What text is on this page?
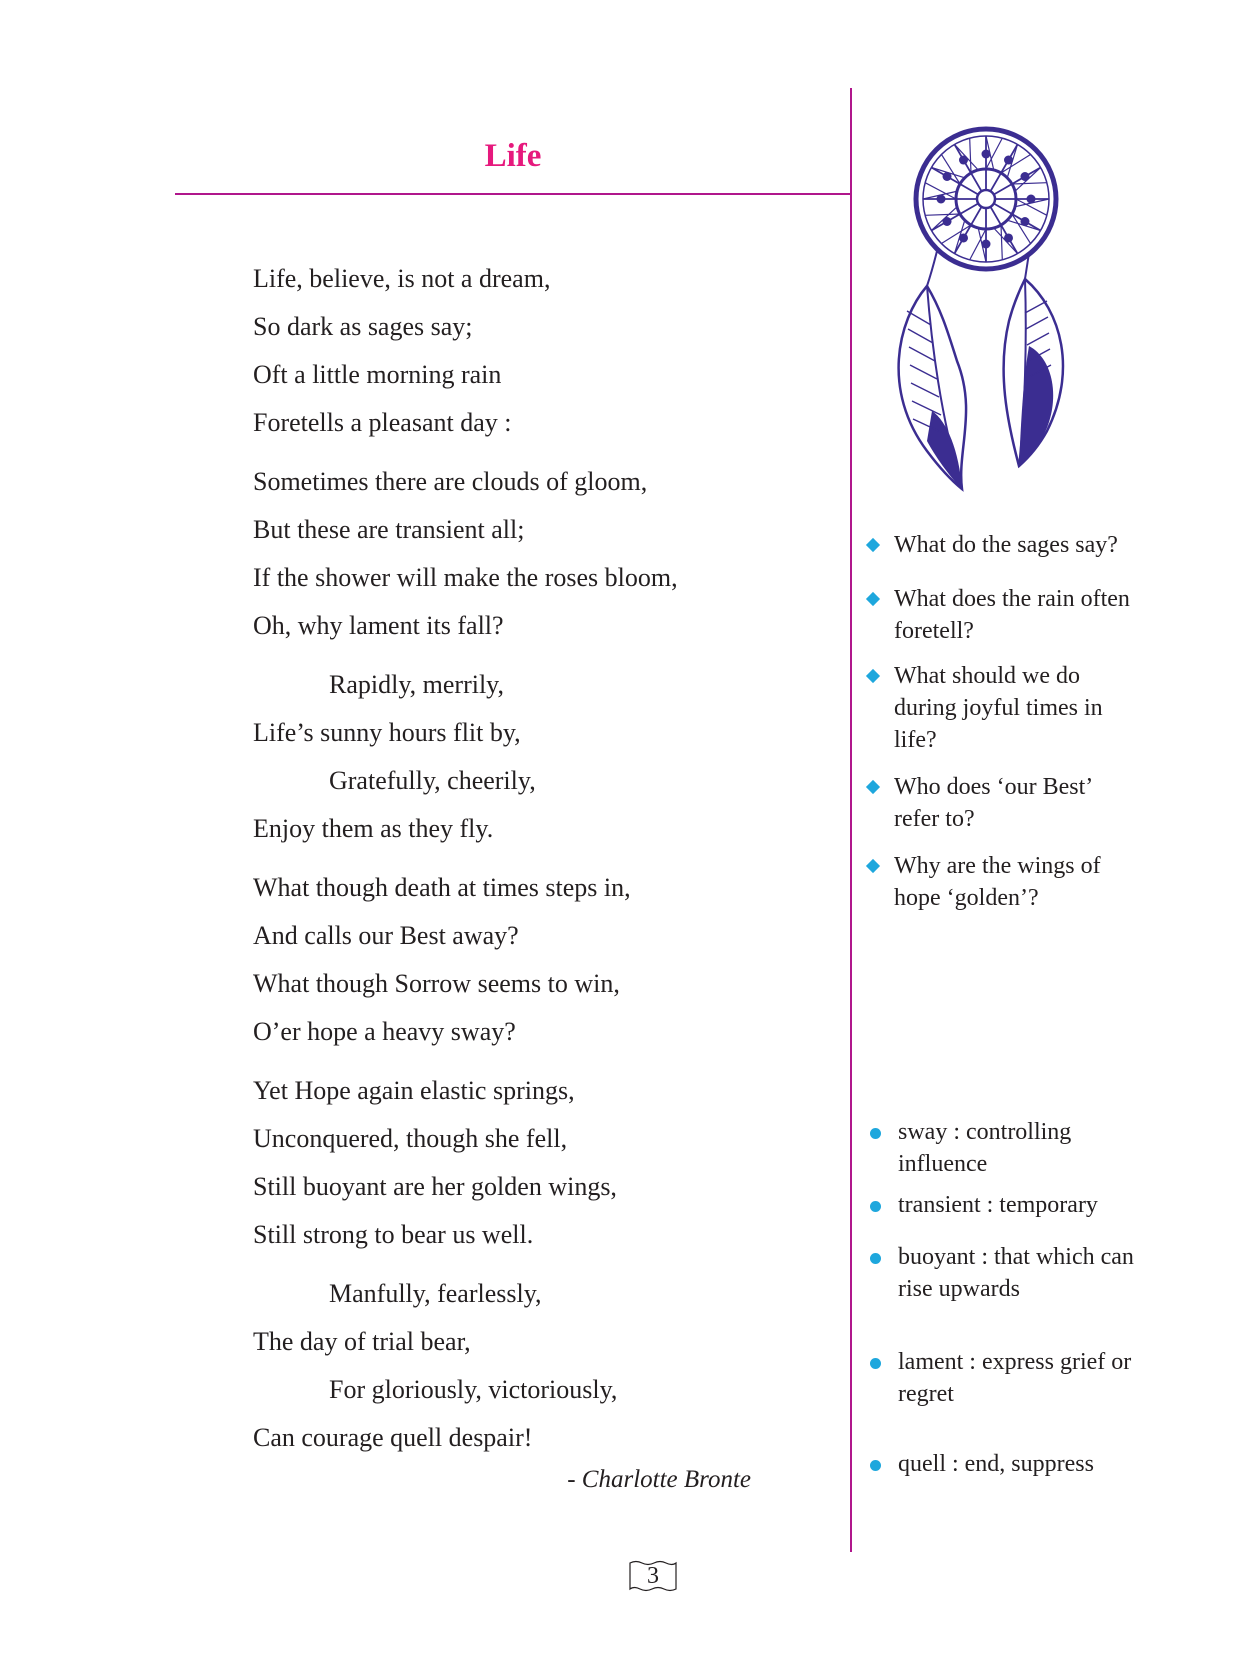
Life
Life, believe, is not a dream,
So dark as sages say;
Oft a little morning rain
Foretells a pleasant day :
Sometimes there are clouds of gloom,
But these are transient all;
If the shower will make the roses bloom,
Oh, why lament its fall?
Rapidly, merrily,
Life’s sunny hours flit by,
Gratefully, cheerily,
Enjoy them as they fly.
What though death at times steps in,
And calls our Best away?
What though Sorrow seems to win,
O’er hope a heavy sway?
Yet Hope again elastic springs,
Unconquered, though she fell,
Still buoyant are her golden wings,
Still strong to bear us well.
Manfully, fearlessly,
The day of trial bear,
For gloriously, victoriously,
Can courage quell despair!
- Charlotte Bronte
What do the sages say?
What does the rain often foretell?
What should we do during joyful times in life?
Who does ‘our Best’ refer to?
Why are the wings of hope ‘golden’?
sway : controlling influence
transient : temporary
buoyant : that which can rise upwards
lament : express grief or regret
quell : end, suppress
3
